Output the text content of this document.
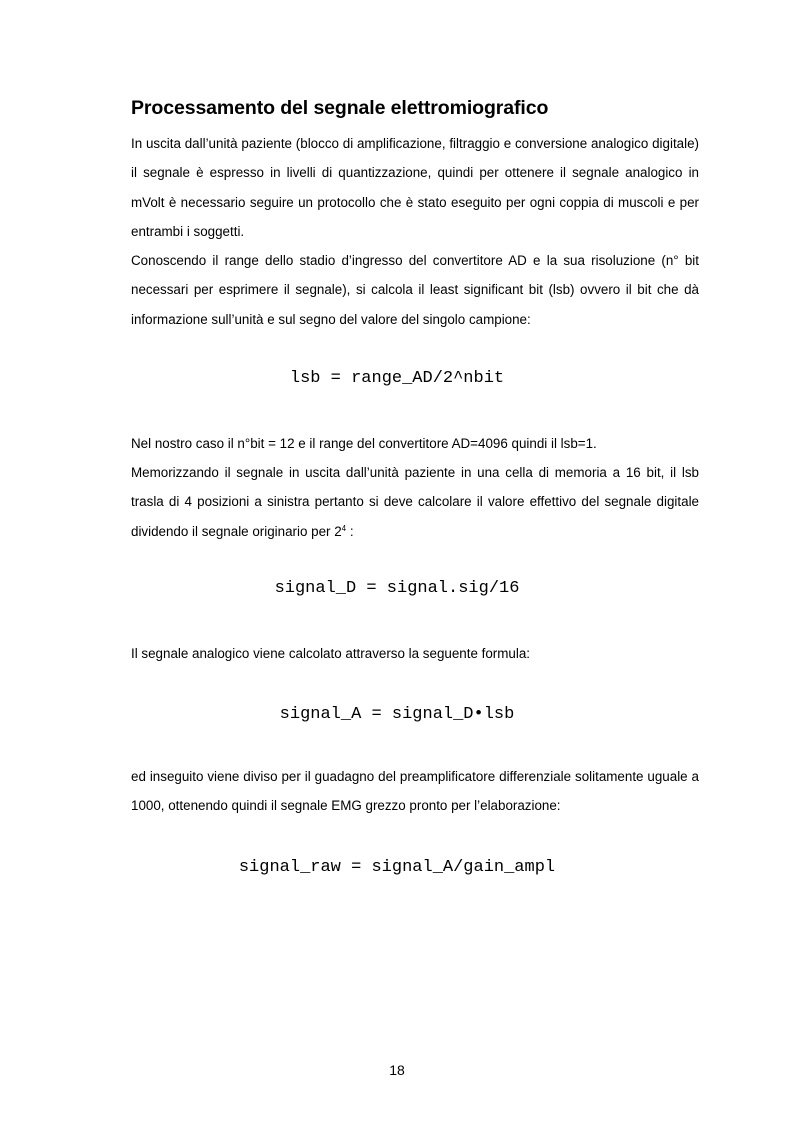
Processamento del segnale elettromiografico

In uscita dall’unità paziente (blocco di amplificazione, filtraggio e conversione analogico digitale) il segnale è espresso in livelli di quantizzazione, quindi per ottenere il segnale analogico in mVolt è necessario seguire un protocollo che è stato eseguito per ogni coppia di muscoli e per entrambi i soggetti.

Conoscendo il range dello stadio d’ingresso del convertitore AD e la sua risoluzione (n° bit necessari per esprimere il segnale), si calcola il least significant bit (lsb) ovvero il bit che dà informazione sull’unità e sul segno del valore del singolo campione:

lsb = range_AD/2^nbit

Nel nostro caso il n°bit = 12 e il range del convertitore AD=4096 quindi il lsb=1.

Memorizzando il segnale in uscita dall’unità paziente in una cella di memoria a 16 bit, il lsb trasla di 4 posizioni a sinistra pertanto si deve calcolare il valore effettivo del segnale digitale dividendo il segnale originario per $2^4$ :

signal_D = signal.sig/16

Il segnale analogico viene calcolato attraverso la seguente formula:

signal_A = signal_D•lsb

ed inseguito viene diviso per il guadagno del preamplificatore differenziale solitamente uguale a 1000, ottenendo quindi il segnale EMG grezzo pronto per l’elaborazione:

signal_raw = signal_A/gain_ampl
18
